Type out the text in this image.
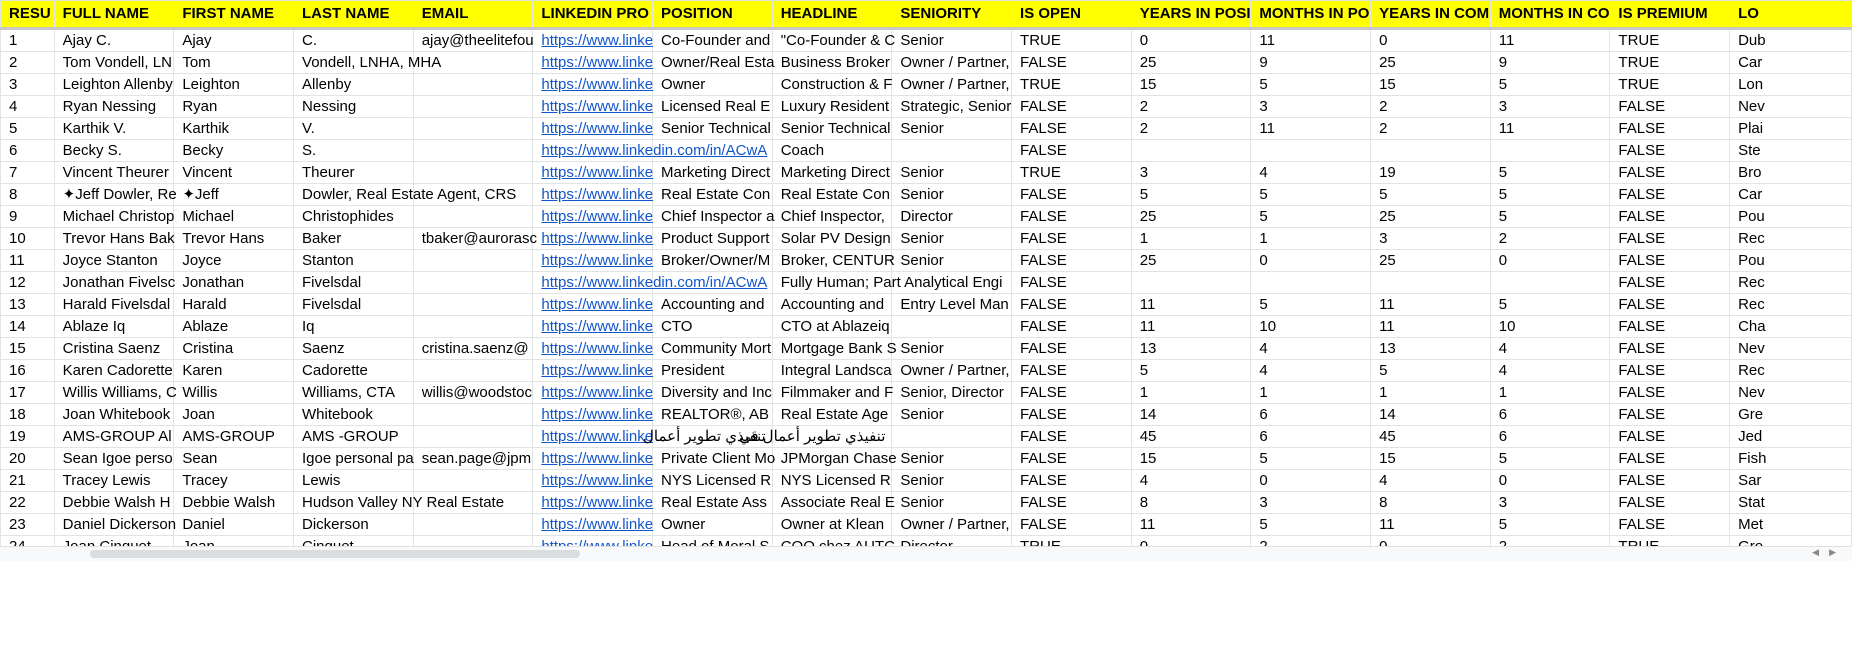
RESU	FULL NAME	FIRST NAME	LAST NAME	EMAIL	LINKEDIN PRO	POSITION	HEADLINE	SENIORITY	IS OPEN	YEARS IN POSI	MONTHS IN PO	YEARS IN COM	MONTHS IN CO	IS PREMIUM	LO
1	Ajay C.	Ajay	C.	ajay@theelitefou	https://www.linke	Co-Founder and	"Co-Founder & C	Senior	TRUE	0	11	0	11	TRUE	Dub
2	Tom Vondell, LN	Tom	Vondell, LNHA, MHA		https://www.linke	Owner/Real Esta	Business Broker	Owner / Partner,	FALSE	25	9	25	9	TRUE	Car
3	Leighton Allenby	Leighton	Allenby		https://www.linke	Owner	Construction & F	Owner / Partner,	TRUE	15	5	15	5	TRUE	Lon
4	Ryan Nessing	Ryan	Nessing		https://www.linke	Licensed Real E	Luxury Resident	Strategic, Senior	FALSE	2	3	2	3	FALSE	Nev
5	Karthik V.	Karthik	V.		https://www.linke	Senior Technical	Senior Technical	Senior	FALSE	2	11	2	11	FALSE	Plai
6	Becky S.	Becky	S.		https://www.linkedin.com/in/ACwA		Coach		FALSE					FALSE	Ste
7	Vincent Theurer	Vincent	Theurer		https://www.linke	Marketing Direct	Marketing Direct	Senior	TRUE	3	4	19	5	FALSE	Bro
8	✦Jeff Dowler, Re	✦Jeff	Dowler, Real Estate Agent, CRS		https://www.linke	Real Estate Con	Real Estate Con	Senior	FALSE	5	5	5	5	FALSE	Car
9	Michael Christop	Michael	Christophides		https://www.linke	Chief Inspector a	Chief Inspector,	Director	FALSE	25	5	25	5	FALSE	Pou
10	Trevor Hans Bak	Trevor Hans	Baker	tbaker@aurorasc	https://www.linke	Product Support	Solar PV Design	Senior	FALSE	1	1	3	2	FALSE	Rec
11	Joyce Stanton	Joyce	Stanton		https://www.linke	Broker/Owner/M	Broker, CENTUR	Senior	FALSE	25	0	25	0	FALSE	Pou
12	Jonathan Fivelsc	Jonathan	Fivelsdal		https://www.linkedin.com/in/ACwA		Fully Human; Part Analytical Engi		FALSE					FALSE	Rec
13	Harald Fivelsdal	Harald	Fivelsdal		https://www.linke	Accounting and	Accounting and	Entry Level Man	FALSE	11	5	11	5	FALSE	Rec
14	Ablaze Iq	Ablaze	Iq		https://www.linke	CTO	CTO at Ablazeiq		FALSE	11	10	11	10	FALSE	Cha
15	Cristina Saenz	Cristina	Saenz	cristina.saenz@	https://www.linke	Community Mort	Mortgage Bank S	Senior	FALSE	13	4	13	4	FALSE	Nev
16	Karen Cadorette	Karen	Cadorette		https://www.linke	President	Integral Landsca	Owner / Partner,	FALSE	5	4	5	4	FALSE	Rec
17	Willis Williams, C	Willis	Williams, CTA	willis@woodstoc	https://www.linke	Diversity and Inc	Filmmaker and F	Senior, Director	FALSE	1	1	1	1	FALSE	Nev
18	Joan Whitebook	Joan	Whitebook		https://www.linke	REALTOR®, AB	Real Estate Age	Senior	FALSE	14	6	14	6	FALSE	Gre
19	AMS-GROUP Al	AMS-GROUP	AMS -GROUP		https://www.linke	تنفيذي تطوير أعمال	تنفيذي تطوير أعمال في		FALSE	45	6	45	6	FALSE	Jed
20	Sean Igoe perso	Sean	Igoe personal pa	sean.page@jpm	https://www.linke	Private Client Mo	JPMorgan Chase	Senior	FALSE	15	5	15	5	FALSE	Fish
21	Tracey Lewis	Tracey	Lewis		https://www.linke	NYS Licensed R	NYS Licensed R	Senior	FALSE	4	0	4	0	FALSE	Sar
22	Debbie Walsh H	Debbie Walsh	Hudson Valley NY Real Estate		https://www.linke	Real Estate Ass	Associate Real E	Senior	FALSE	8	3	8	3	FALSE	Stat
23	Daniel Dickerson	Daniel	Dickerson		https://www.linke	Owner	Owner at Klean	Owner / Partner,	FALSE	11	5	11	5	FALSE	Met

◀▶
